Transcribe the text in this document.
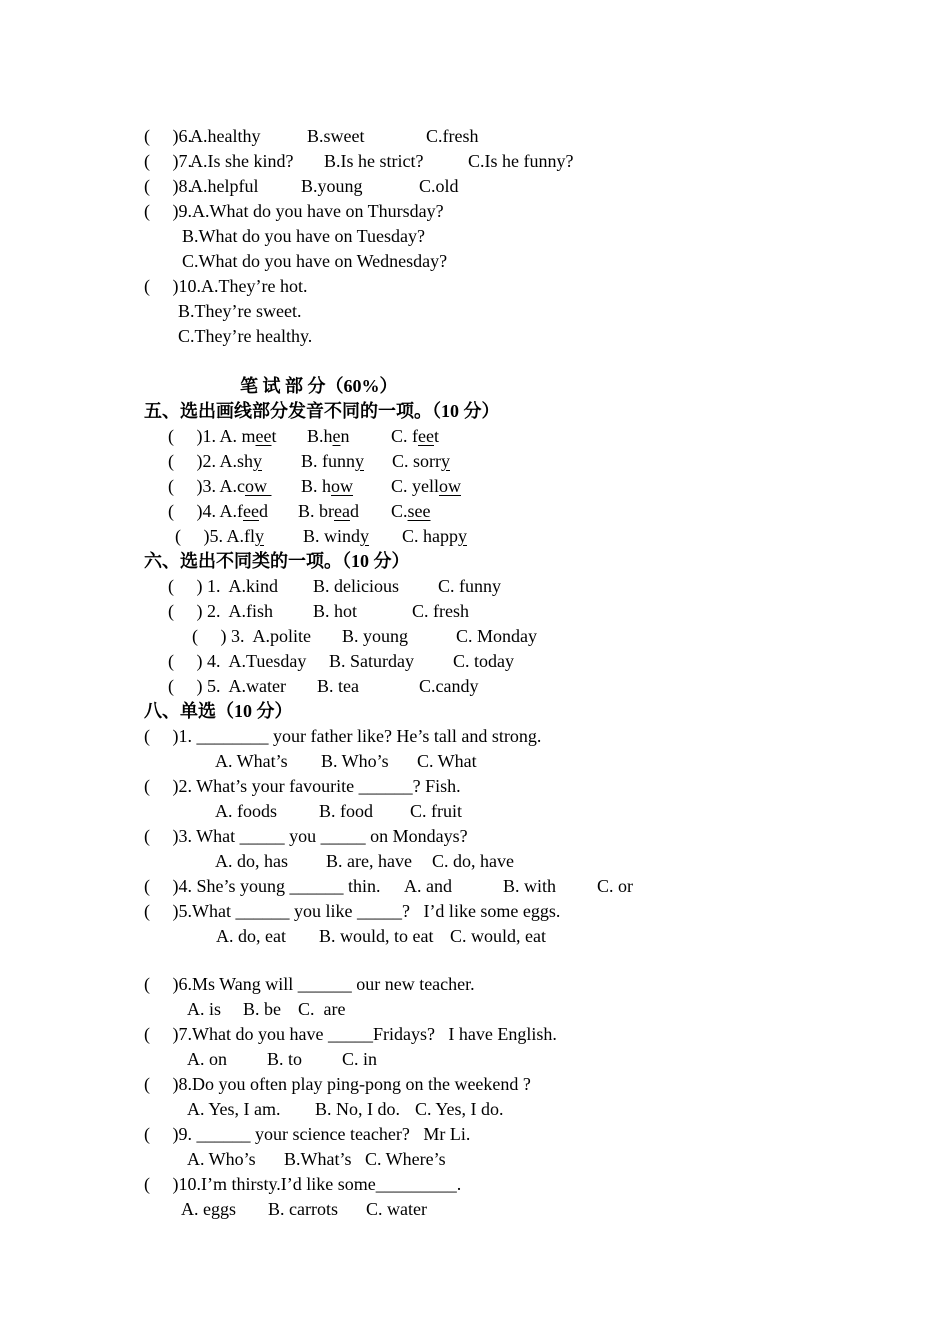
( )6.
A.healthy	B.sweet	C.fresh
( )7.
A.Is she kind? B.Is he strict? C.Is he funny?
( )8.
A.helpful B.young	C.old
(     )9.A.What do you have on Thursday?
B.What do you have on Tuesday?
C.What do you have on Wednesday?
(     )10.A.They’re hot.
B.They’re sweet.
C.They’re healthy.
笔 试 部 分（60%）
五、选出画线部分发音不同的一项。（10 分）
(     )1. A. meet B.hen C. feet
(     )2. A.shy B. funny C. sorry
(     )3. A.cow B. how C. yellow
(     )4. A.feed B. bread C.see
(     )5. A.fly B. windy C. happy
六、选出不同类的一项。（10 分）
(     ) 1.  A.kind B. delicious C. funny
(     ) 2.  A.fish B. hot	C. fresh
(     ) 3.  A.polite B. young	C. Monday
(     ) 4.  A.Tuesday B. Saturday C. today
(     ) 5.  A.water B. tea	C.candy
八、单选（10 分）
(     )1. ________ your father like? He’s tall and strong.
A. What’s B. Who’s C. What
(     )2. What’s your favourite ______? Fish.
A. foods B. food C. fruit
(     )3. What _____ you _____ on Mondays?
A. do, has B. are, have C. do, have
(     )4. She’s young ______ thin. A. and	B. with C. or
(     )5.What ______ you like _____?   I’d like some eggs.
A. do, eat B. would, to eat C. would, eat
(     )6.Ms Wang will ______ our new teacher.
A. is B. be C.  are
(     )7.What do you have _____Fridays?   I have English.
A. on B. to C. in
(     )8.Do you often play ping-pong on the weekend ?
A. Yes, I am. B. No, I do. C. Yes, I do.
(     )9. ______ your science teacher?   Mr Li.
A. Who’s B.What’s C. Where’s
(     )10.I’m thirsty.I’d like some_________.
A. eggs B. carrots C. water
